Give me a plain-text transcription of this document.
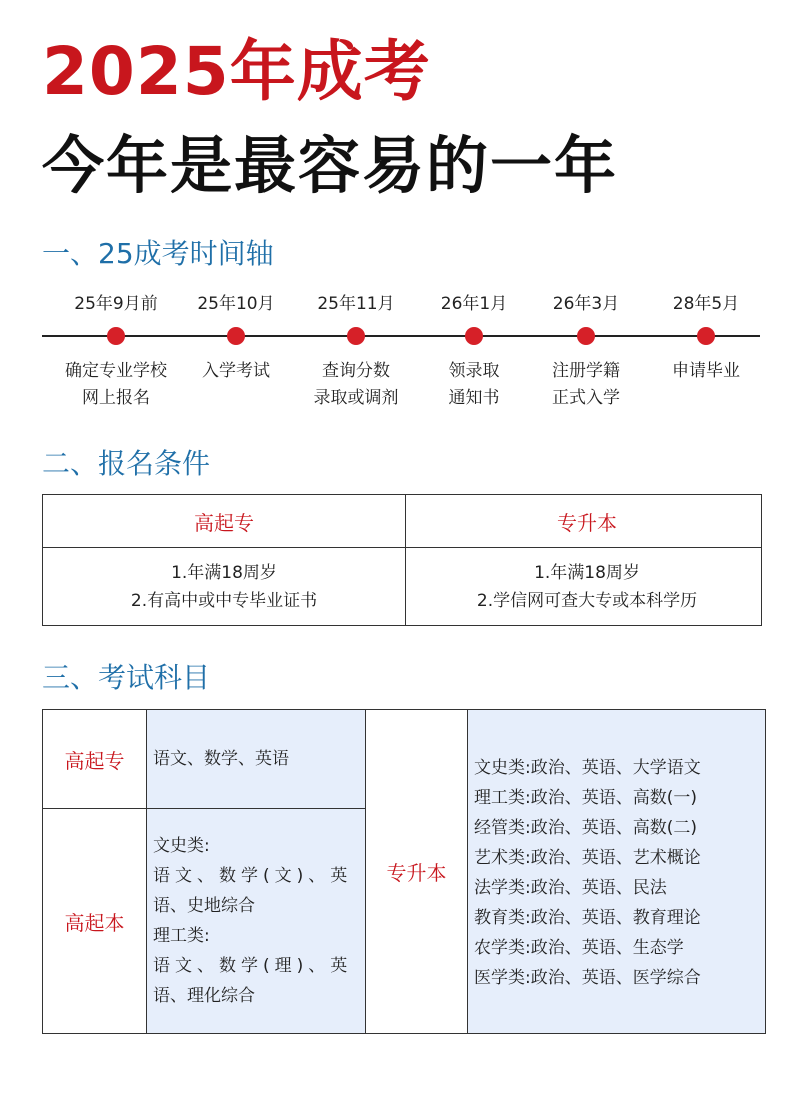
2025年成考
今年是最容易的一年
一、25成考时间轴
25年9月前
确定专业学校
网上报名
25年10月
入学考试
25年11月
查询分数
录取或调剂
26年1月
领录取
通知书
26年3月
注册学籍
正式入学
28年5月
申请毕业
二、报名条件
高起专	专升本
1.年满18周岁
2.有高中或中专毕业证书
1.年满18周岁
2.学信网可查大专或本科学历
三、考试科目
高起专	语文、数学、英语
高起本
文史类:
语文、数学(文)、英
语、史地综合
理工类:
语文、数学(理)、英
语、理化综合
专升本
文史类:政治、英语、大学语文
理工类:政治、英语、高数(一)
经管类:政治、英语、高数(二)
艺术类:政治、英语、艺术概论
法学类:政治、英语、民法
教育类:政治、英语、教育理论
农学类:政治、英语、生态学
医学类:政治、英语、医学综合
